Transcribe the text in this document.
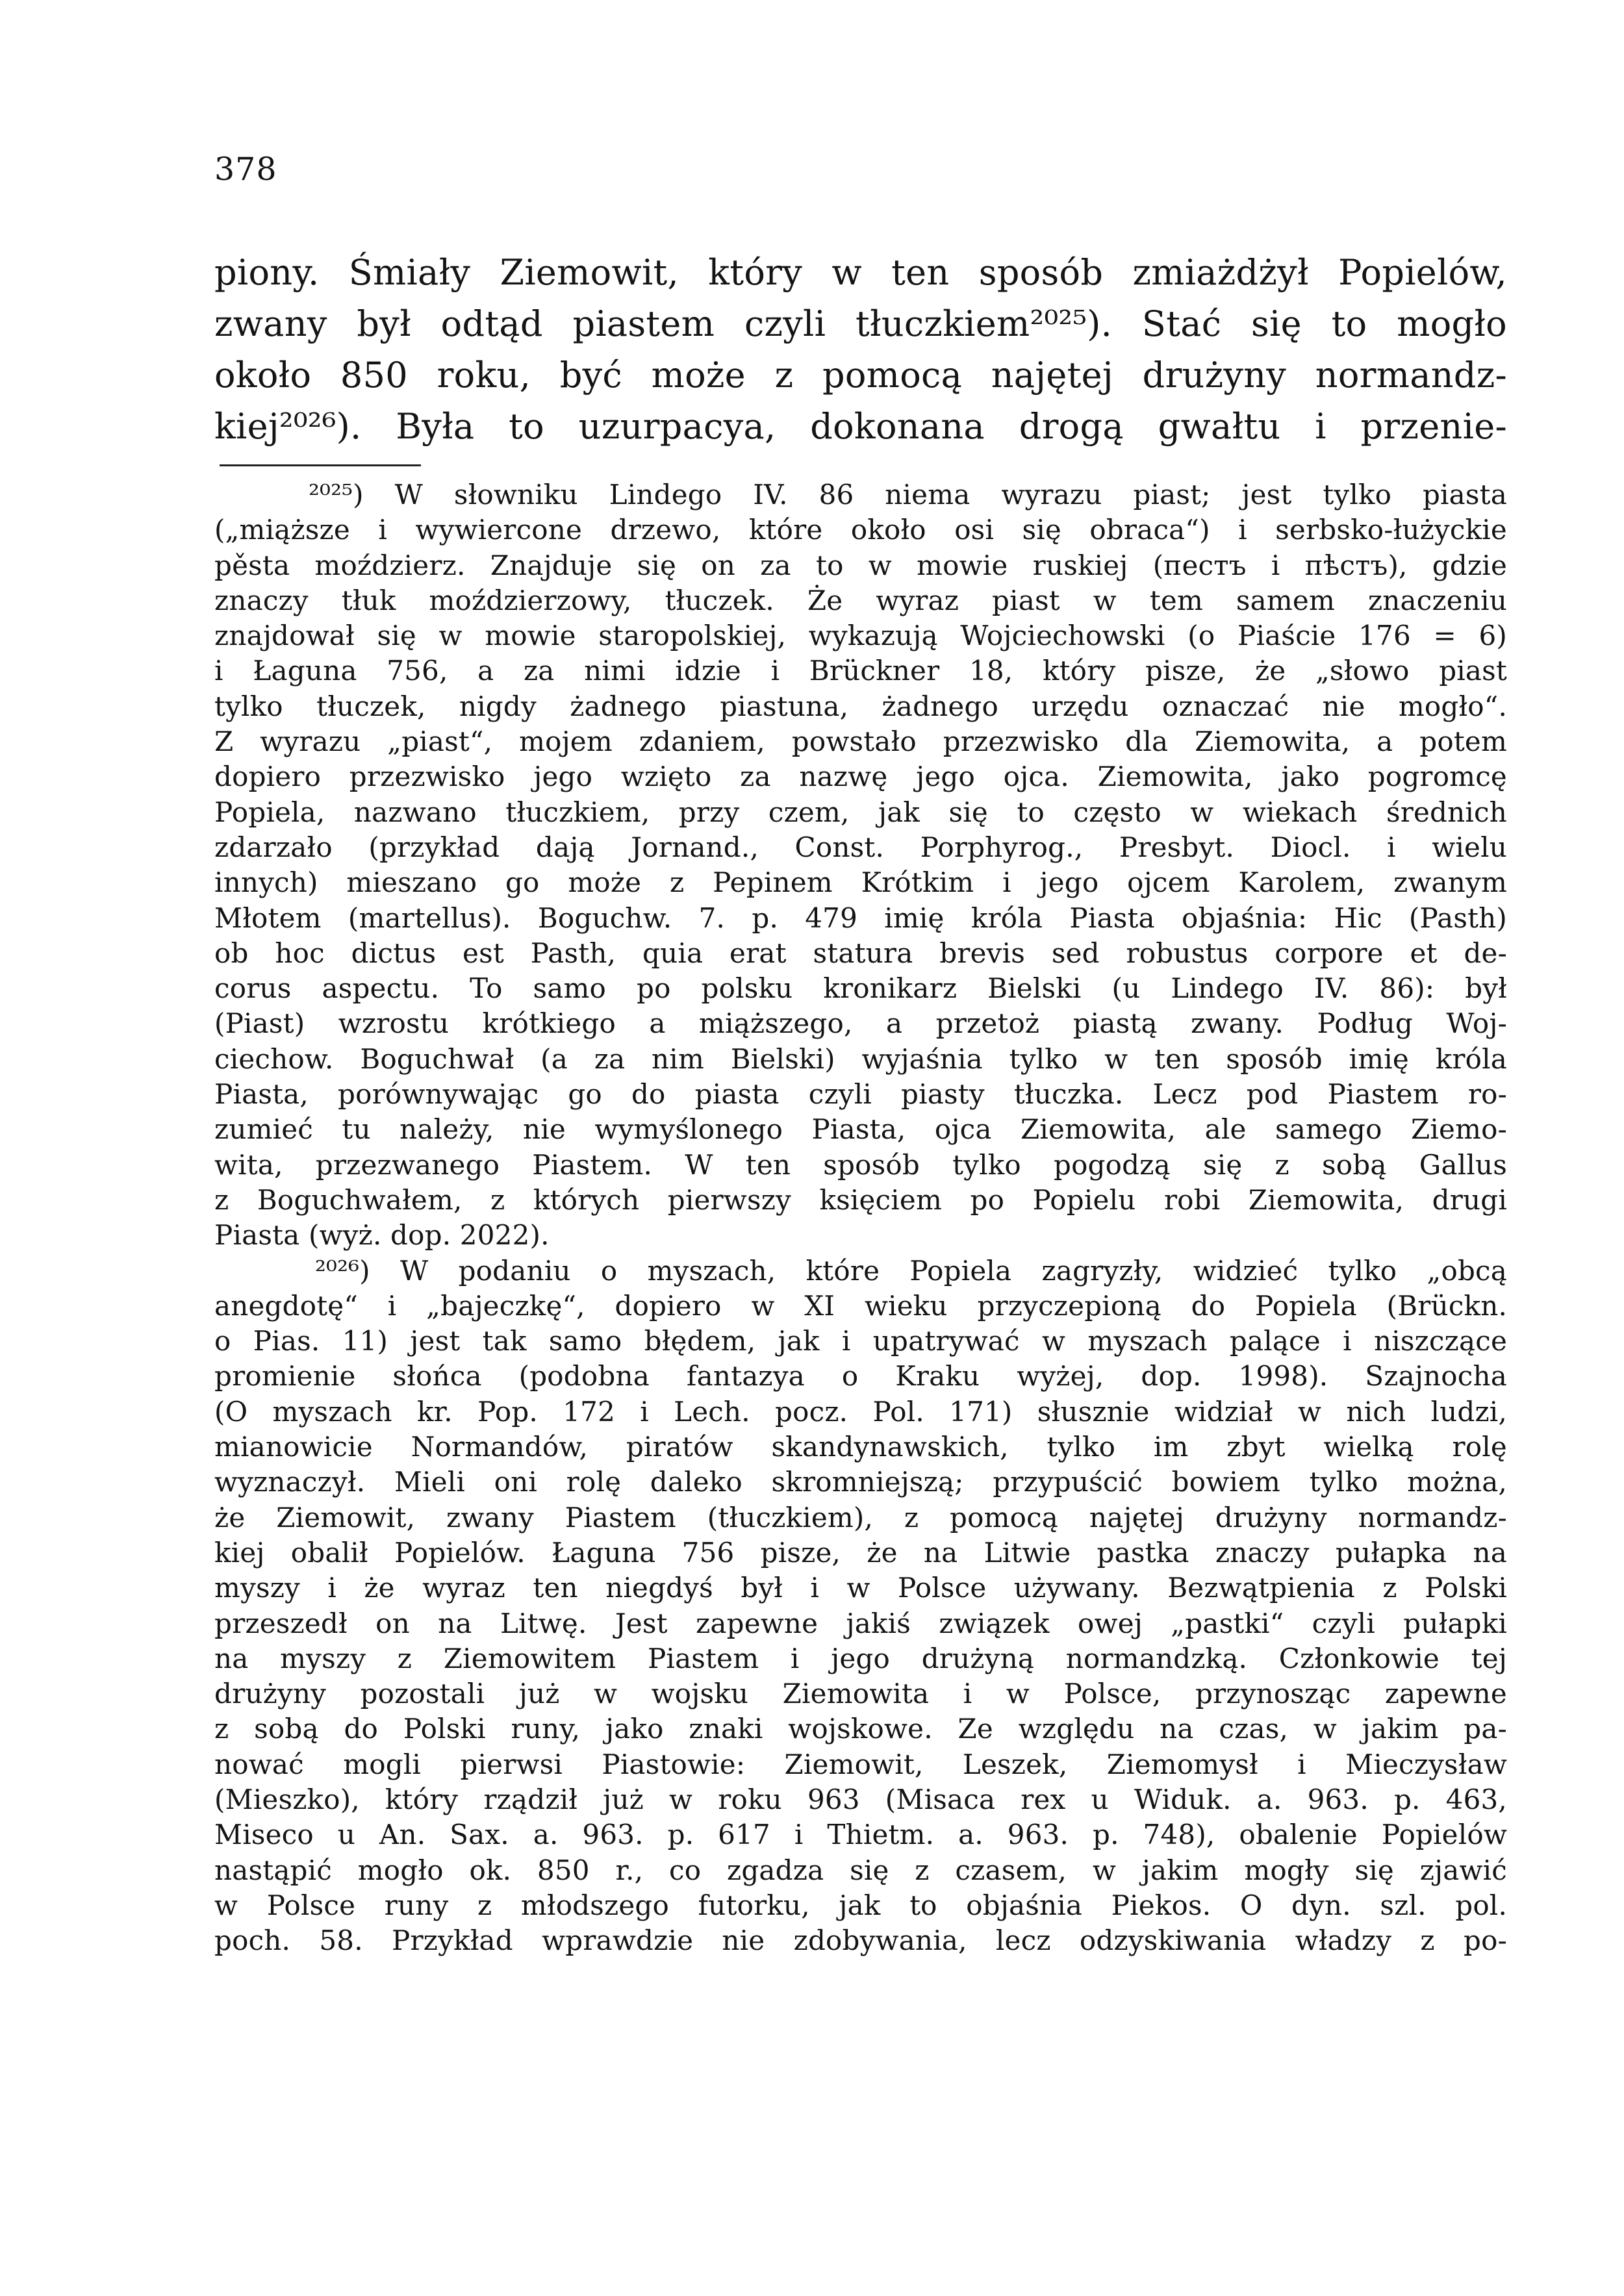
378
piony. Śmiały Ziemowit, który w ten sposób zmiażdżył Popielów,
zwany był odtąd piastem czyli tłuczkiem²⁰²⁵). Stać się to mogło
około 850 roku, być może z pomocą najętej drużyny normandz-
kiej²⁰²⁶). Była to uzurpacya, dokonana drogą gwałtu i przenie-
²⁰²⁵) W słowniku Lindego IV. 86 niema wyrazu piast; jest tylko piasta
(„miąższe i wywiercone drzewo, które około osi się obraca“) i serbsko-łużyckie
pěsta moździerz. Znajduje się on za to w mowie ruskiej (пестъ i пѣстъ), gdzie
znaczy tłuk moździerzowy, tłuczek. Że wyraz piast w tem samem znaczeniu
znajdował się w mowie staropolskiej, wykazują Wojciechowski (o Piaście 176 = 6)
i Łaguna 756, a za nimi idzie i Brückner 18, który pisze, że „słowo piast
tylko tłuczek, nigdy żadnego piastuna, żadnego urzędu oznaczać nie mogło“.
Z wyrazu „piast“, mojem zdaniem, powstało przezwisko dla Ziemowita, a potem
dopiero przezwisko jego wzięto za nazwę jego ojca. Ziemowita, jako pogromcę
Popiela, nazwano tłuczkiem, przy czem, jak się to często w wiekach średnich
zdarzało (przykład dają Jornand., Const. Porphyrog., Presbyt. Diocl. i wielu
innych) mieszano go może z Pepinem Krótkim i jego ojcem Karolem, zwanym
Młotem (martellus). Boguchw. 7. p. 479 imię króla Piasta objaśnia: Hic (Pasth)
ob hoc dictus est Pasth, quia erat statura brevis sed robustus corpore et de-
corus aspectu. To samo po polsku kronikarz Bielski (u Lindego IV. 86): był
(Piast) wzrostu krótkiego a miąższego, a przetoż piastą zwany. Podług Woj-
ciechow. Boguchwał (a za nim Bielski) wyjaśnia tylko w ten sposób imię króla
Piasta, porównywając go do piasta czyli piasty tłuczka. Lecz pod Piastem ro-
zumieć tu należy, nie wymyślonego Piasta, ojca Ziemowita, ale samego Ziemo-
wita, przezwanego Piastem. W ten sposób tylko pogodzą się z sobą Gallus
z Boguchwałem, z których pierwszy księciem po Popielu robi Ziemowita, drugi
Piasta (wyż. dop. 2022).
²⁰²⁶) W podaniu o myszach, które Popiela zagryzły, widzieć tylko „obcą
anegdotę“ i „bajeczkę“, dopiero w XI wieku przyczepioną do Popiela (Brückn.
o Pias. 11) jest tak samo błędem, jak i upatrywać w myszach palące i niszczące
promienie słońca (podobna fantazya o Kraku wyżej, dop. 1998). Szajnocha
(O myszach kr. Pop. 172 i Lech. pocz. Pol. 171) słusznie widział w nich ludzi,
mianowicie Normandów, piratów skandynawskich, tylko im zbyt wielką rolę
wyznaczył. Mieli oni rolę daleko skromniejszą; przypuścić bowiem tylko można,
że Ziemowit, zwany Piastem (tłuczkiem), z pomocą najętej drużyny normandz-
kiej obalił Popielów. Łaguna 756 pisze, że na Litwie pastka znaczy pułapka na
myszy i że wyraz ten niegdyś był i w Polsce używany. Bezwątpienia z Polski
przeszedł on na Litwę. Jest zapewne jakiś związek owej „pastki“ czyli pułapki
na myszy z Ziemowitem Piastem i jego drużyną normandzką. Członkowie tej
drużyny pozostali już w wojsku Ziemowita i w Polsce, przynosząc zapewne
z sobą do Polski runy, jako znaki wojskowe. Ze względu na czas, w jakim pa-
nować mogli pierwsi Piastowie: Ziemowit, Leszek, Ziemomysł i Mieczysław
(Mieszko), który rządził już w roku 963 (Misaca rex u Widuk. a. 963. p. 463,
Miseco u An. Sax. a. 963. p. 617 i Thietm. a. 963. p. 748), obalenie Popielów
nastąpić mogło ok. 850 r., co zgadza się z czasem, w jakim mogły się zjawić
w Polsce runy z młodszego futorku, jak to objaśnia Piekos. O dyn. szl. pol.
poch. 58. Przykład wprawdzie nie zdobywania, lecz odzyskiwania władzy z po-
